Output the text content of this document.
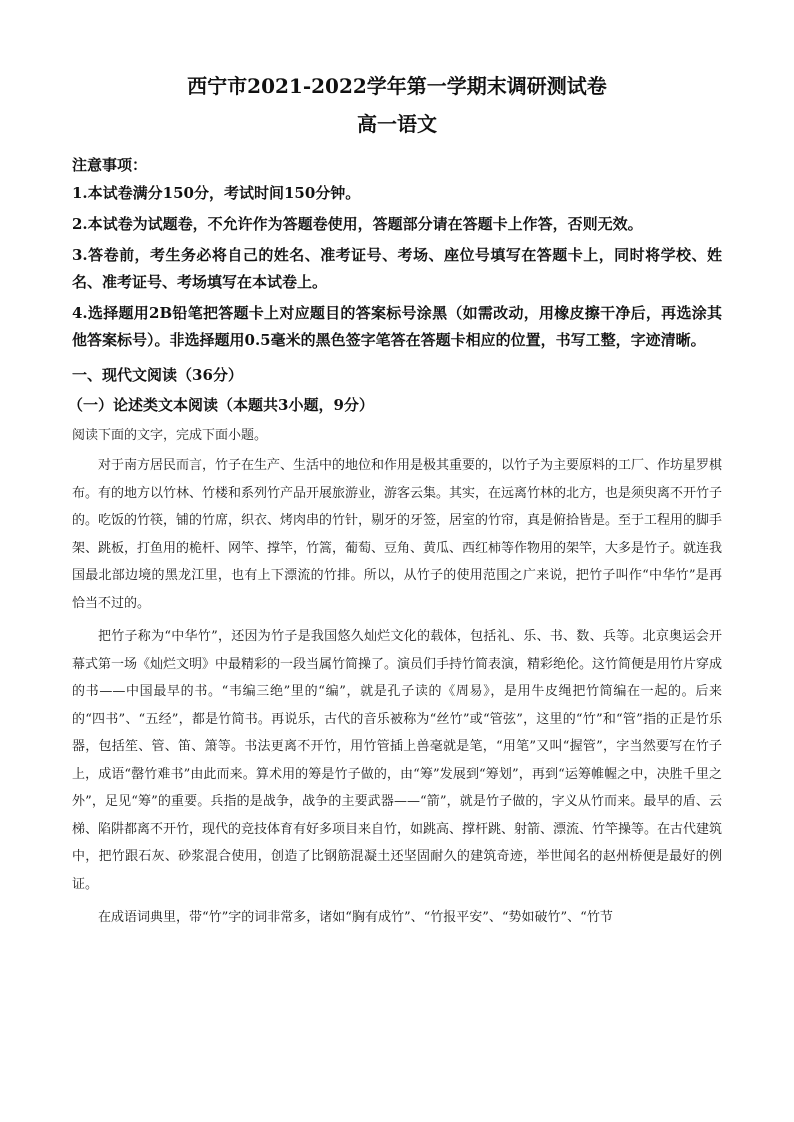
西宁市2021-2022学年第一学期末调研测试卷
高一语文

注意事项：

1.本试卷满分150分，考试时间150分钟。

2.本试卷为试题卷，不允许作为答题卷使用，答题部分请在答题卡上作答，否则无效。

3.答卷前，考生务必将自己的姓名、准考证号、考场、座位号填写在答题卡上，同时将学校、姓名、准考证号、考场填写在本试卷上。

4.选择题用2B铅笔把答题卡上对应题目的答案标号涂黑（如需改动，用橡皮擦干净后，再选涂其他答案标号）。非选择题用0.5毫米的黑色签字笔答在答题卡相应的位置，书写工整，字迹清晰。

一、现代文阅读（36分）

（一）论述类文本阅读（本题共3小题，9分）

阅读下面的文字，完成下面小题。

对于南方居民而言，竹子在生产、生活中的地位和作用是极其重要的，以竹子为主要原料的工厂、作坊星罗棋布。有的地方以竹林、竹楼和系列竹产品开展旅游业，游客云集。其实，在远离竹林的北方，也是须臾离不开竹子的。吃饭的竹筷，铺的竹席，织衣、烤肉串的竹针，剔牙的牙签，居室的竹帘，真是俯拾皆是。至于工程用的脚手架、跳板，打鱼用的桅杆、网竿、撑竿，竹篙，葡萄、豆角、黄瓜、西红柿等作物用的架竿，大多是竹子。就连我国最北部边境的黑龙江里，也有上下漂流的竹排。所以，从竹子的使用范围之广来说，把竹子叫作“中华竹”是再恰当不过的。

把竹子称为“中华竹”，还因为竹子是我国悠久灿烂文化的载体，包括礼、乐、书、数、兵等。北京奥运会开幕式第一场《灿烂文明》中最精彩的一段当属竹简操了。演员们手持竹简表演，精彩绝伦。这竹简便是用竹片穿成的书——中国最早的书。“韦编三绝”里的“编”，就是孔子读的《周易》，是用牛皮绳把竹简编在一起的。后来的“四书”、“五经”，都是竹简书。再说乐，古代的音乐被称为“丝竹”或“管弦”，这里的“竹”和“管”指的正是竹乐器，包括笙、管、笛、箫等。书法更离不开竹，用竹管插上兽毫就是笔，“用笔”又叫“握管”，字当然要写在竹子上，成语“罄竹难书”由此而来。算术用的筹是竹子做的，由“筹”发展到“筹划”，再到“运筹帷幄之中，决胜千里之外”，足见“筹”的重要。兵指的是战争，战争的主要武器——“箭”，就是竹子做的，字义从竹而来。最早的盾、云梯、陷阱都离不开竹，现代的竞技体育有好多项目来自竹，如跳高、撑杆跳、射箭、漂流、竹竿操等。在古代建筑中，把竹跟石灰、砂浆混合使用，创造了比钢筋混凝土还坚固耐久的建筑奇迹，举世闻名的赵州桥便是最好的例证。

在成语词典里，带“竹”字的词非常多，诸如“胸有成竹”、“竹报平安”、“势如破竹”、“竹节
